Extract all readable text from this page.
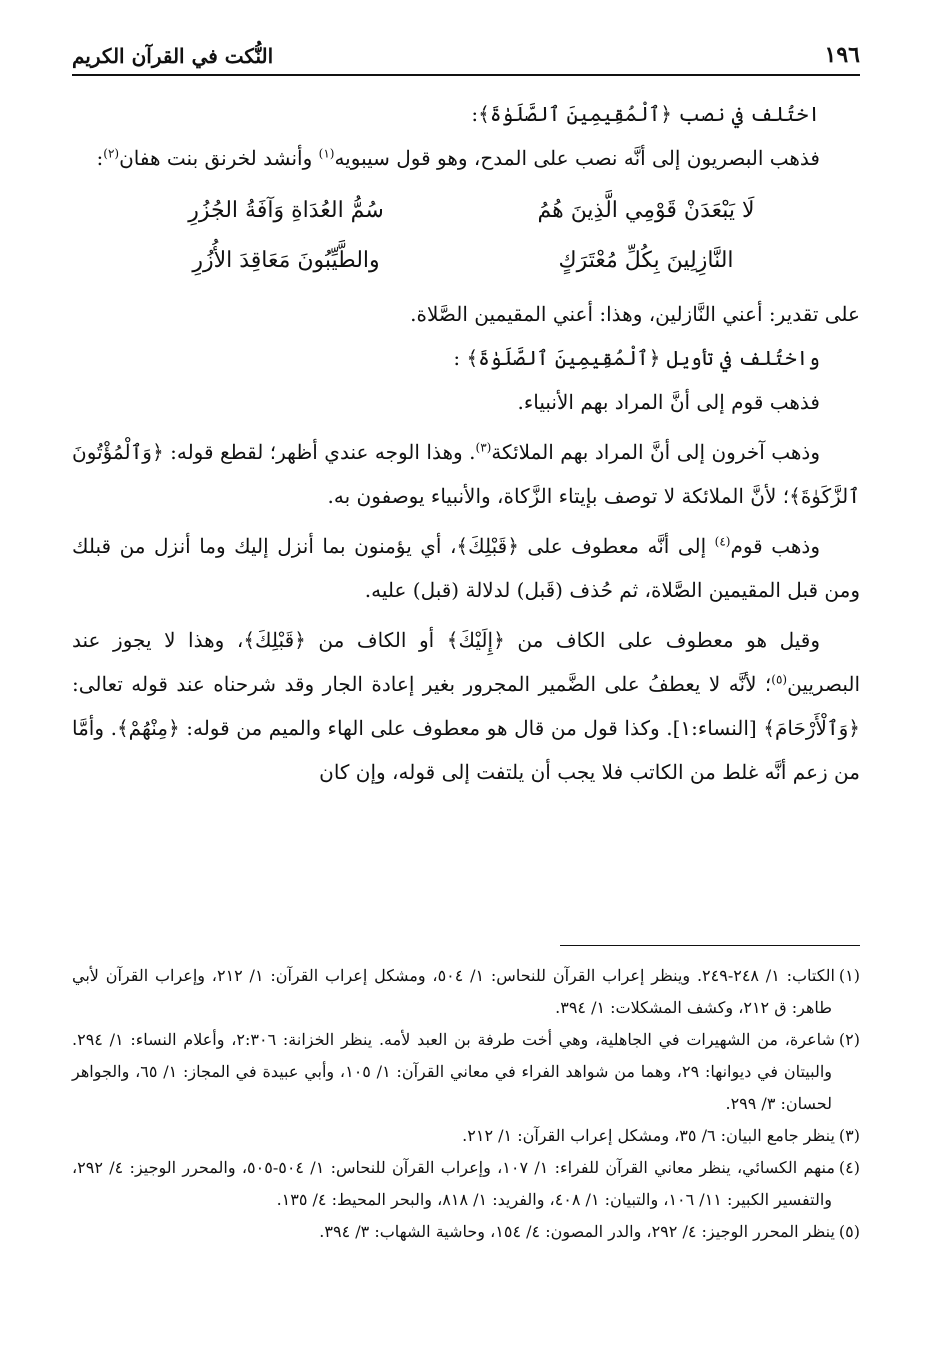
١٩٦
النُّكت في القرآن الكريم

اختُلف في نصب ﴿ٱلْمُقِيمِينَ ٱلصَّلَوٰةَ﴾:

فذهب البصريون إلى أنَّه نصب على المدح، وهو قول سيبويه$^{(١)}$ وأنشد لخرنق بنت هفان$^{(٢)}$:

لَا يَبْعَدَنْ قَوْمِي الَّذِينَ هُمُ
سُمُّ العُدَاةِ وَآفَةُ الجُزُرِ
النَّازِلِينَ بِكُلِّ مُعْتَرَكٍ
والطَّيِّبُونَ مَعَاقِدَ الأُزُرِ

على تقدير: أعني النَّازلين، وهذا: أعني المقيمين الصَّلاة.

واختُلف في تأويل ﴿ٱلْمُقِيمِينَ ٱلصَّلَوٰةَ﴾ :

فذهب قوم إلى أنَّ المراد بهم الأنبياء.

وذهب آخرون إلى أنَّ المراد بهم الملائكة$^{(٣)}$. وهذا الوجه عندي أظهر؛ لقطع قوله: ﴿وَٱلْمُؤْتُونَ ٱلزَّكَوٰةَ﴾؛ لأنَّ الملائكة لا توصف بإيتاء الزَّكاة، والأنبياء يوصفون به.

وذهب قوم$^{(٤)}$ إلى أنَّه معطوف على ﴿قَبْلِكَ﴾، أي يؤمنون بما أنزل إليك وما أنزل من قبلك ومن قبل المقيمين الصَّلاة، ثم حُذف (قَبل) لدلالة (قبل) عليه.

وقيل هو معطوف على الكاف من ﴿إِلَيْكَ﴾ أو الكاف من ﴿قَبْلِكَ﴾، وهذا لا يجوز عند البصريين$^{(٥)}$؛ لأنَّه لا يعطفُ على الضَّمير المجرور بغير إعادة الجار وقد شرحناه عند قوله تعالى: ﴿وَٱلْأَرْحَامَ﴾ [النساء:١]. وكذا قول من قال هو معطوف على الهاء والميم من قوله: ﴿مِنْهُمْ﴾. وأمَّا من زعم أنَّه غلط من الكاتب فلا يجب أن يلتفت إلى قوله، وإن كان

(١)الكتاب: ١/ ٢٤٨-٢٤٩. وينظر إعراب القرآن للنحاس: ١/ ٥٠٤، ومشكل إعراب القرآن: ١/ ٢١٢، وإعراب القرآن لأبي طاهر: ق ٢١٢، وكشف المشكلات: ١/ ٣٩٤.

(٢)شاعرة، من الشهيرات في الجاهلية، وهي أخت طرفة بن العبد لأمه. ينظر الخزانة: ٢:٣٠٦، وأعلام النساء: ١/ ٢٩٤. والبيتان في ديوانها: ٢٩، وهما من شواهد الفراء في معاني القرآن: ١/ ١٠٥، وأبي عبيدة في المجاز: ١/ ٦٥، والجواهر لحسان: ٣/ ٢٩٩.

(٣)ينظر جامع البيان: ٦/ ٣٥، ومشكل إعراب القرآن: ١/ ٢١٢.

(٤)منهم الكسائي، ينظر معاني القرآن للفراء: ١/ ١٠٧، وإعراب القرآن للنحاس: ١/ ٥٠٤-٥٠٥، والمحرر الوجيز: ٤/ ٢٩٢، والتفسير الكبير: ١١/ ١٠٦، والتبيان: ١/ ٤٠٨، والفريد: ١/ ٨١٨، والبحر المحيط: ٤/ ١٣٥.

(٥)ينظر المحرر الوجيز: ٤/ ٢٩٢، والدر المصون: ٤/ ١٥٤، وحاشية الشهاب: ٣/ ٣٩٤.
